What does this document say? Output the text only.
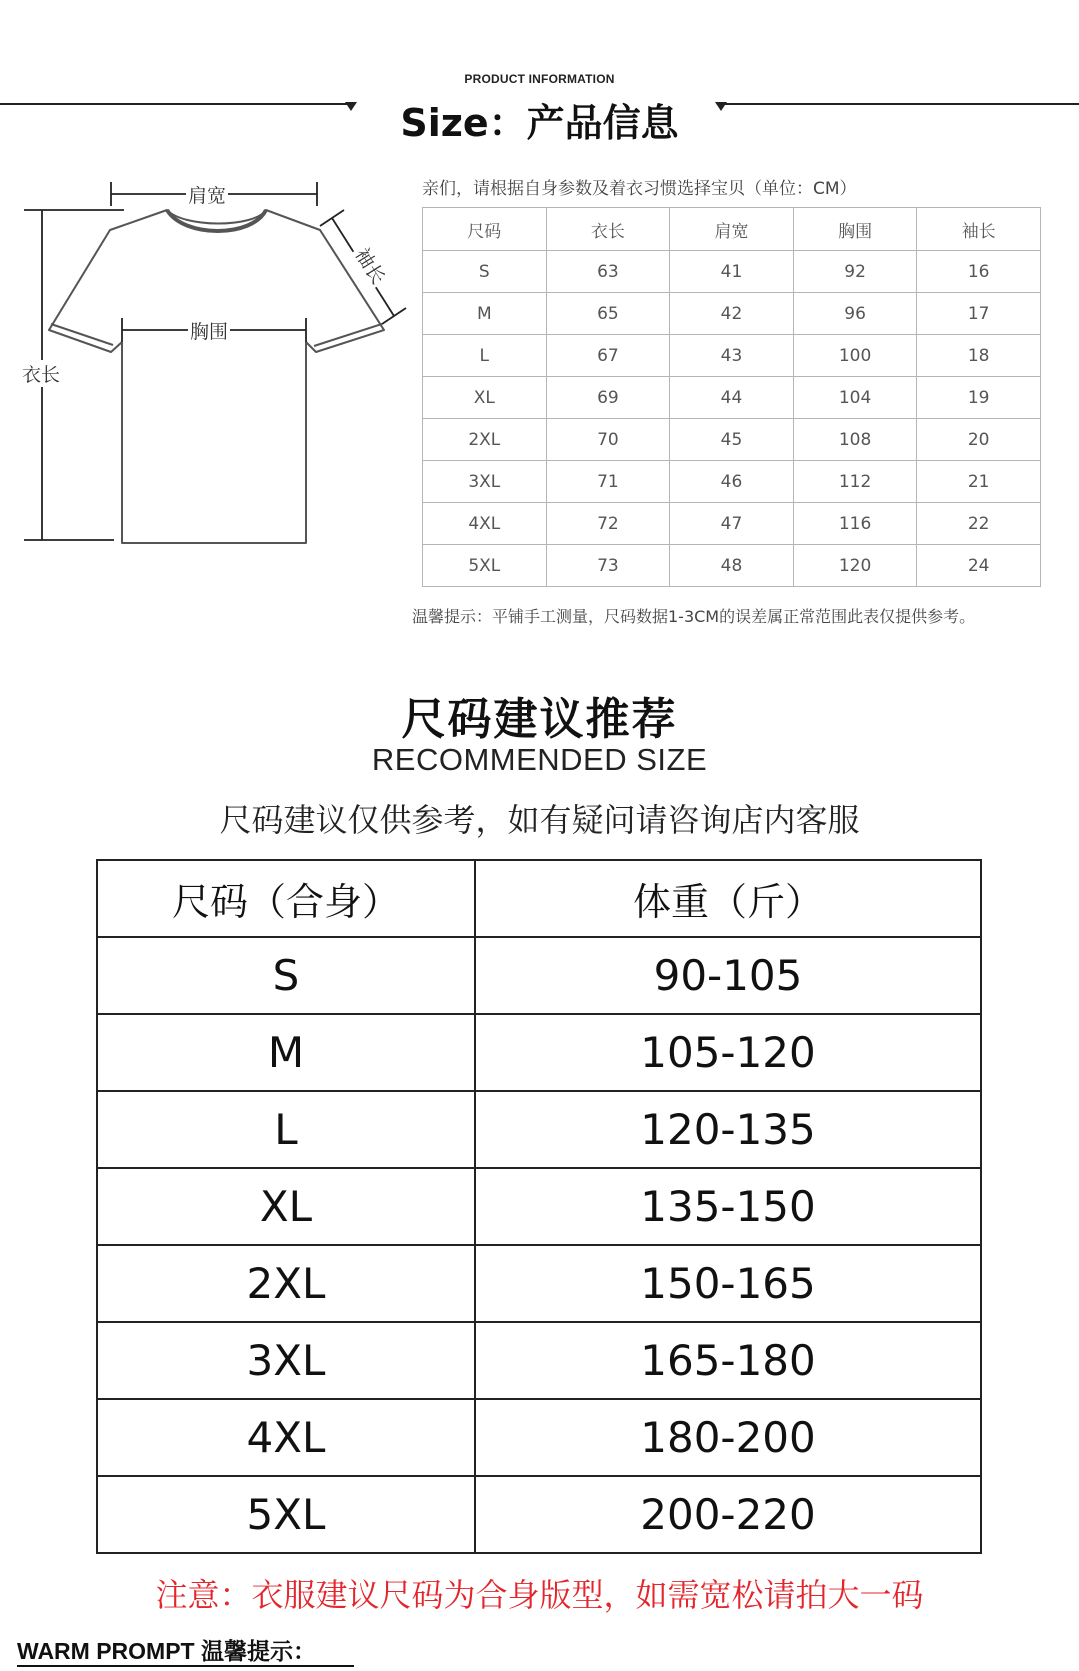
PRODUCT INFORMATION
Size：产品信息
肩宽
胸围
衣长
袖长
亲们，请根据自身参数及着衣习惯选择宝贝（单位：CM）
尺码	衣长	肩宽	胸围	袖长
S	63	41	92	16
M	65	42	96	17
L	67	43	100	18
XL	69	44	104	19
2XL	70	45	108	20
3XL	71	46	112	21
4XL	72	47	116	22
5XL	73	48	120	24
温馨提示：平铺手工测量，尺码数据1-3CM的误差属正常范围此表仅提供参考。
尺码建议推荐
RECOMMENDED SIZE
尺码建议仅供参考，如有疑问请咨询店内客服
尺码（合身）	体重（斤）
S	90-105
M	105-120
L	120-135
XL	135-150
2XL	150-165
3XL	165-180
4XL	180-200
5XL	200-220
注意：衣服建议尺码为合身版型，如需宽松请拍大一码
WARM PROMPT 温馨提示：
